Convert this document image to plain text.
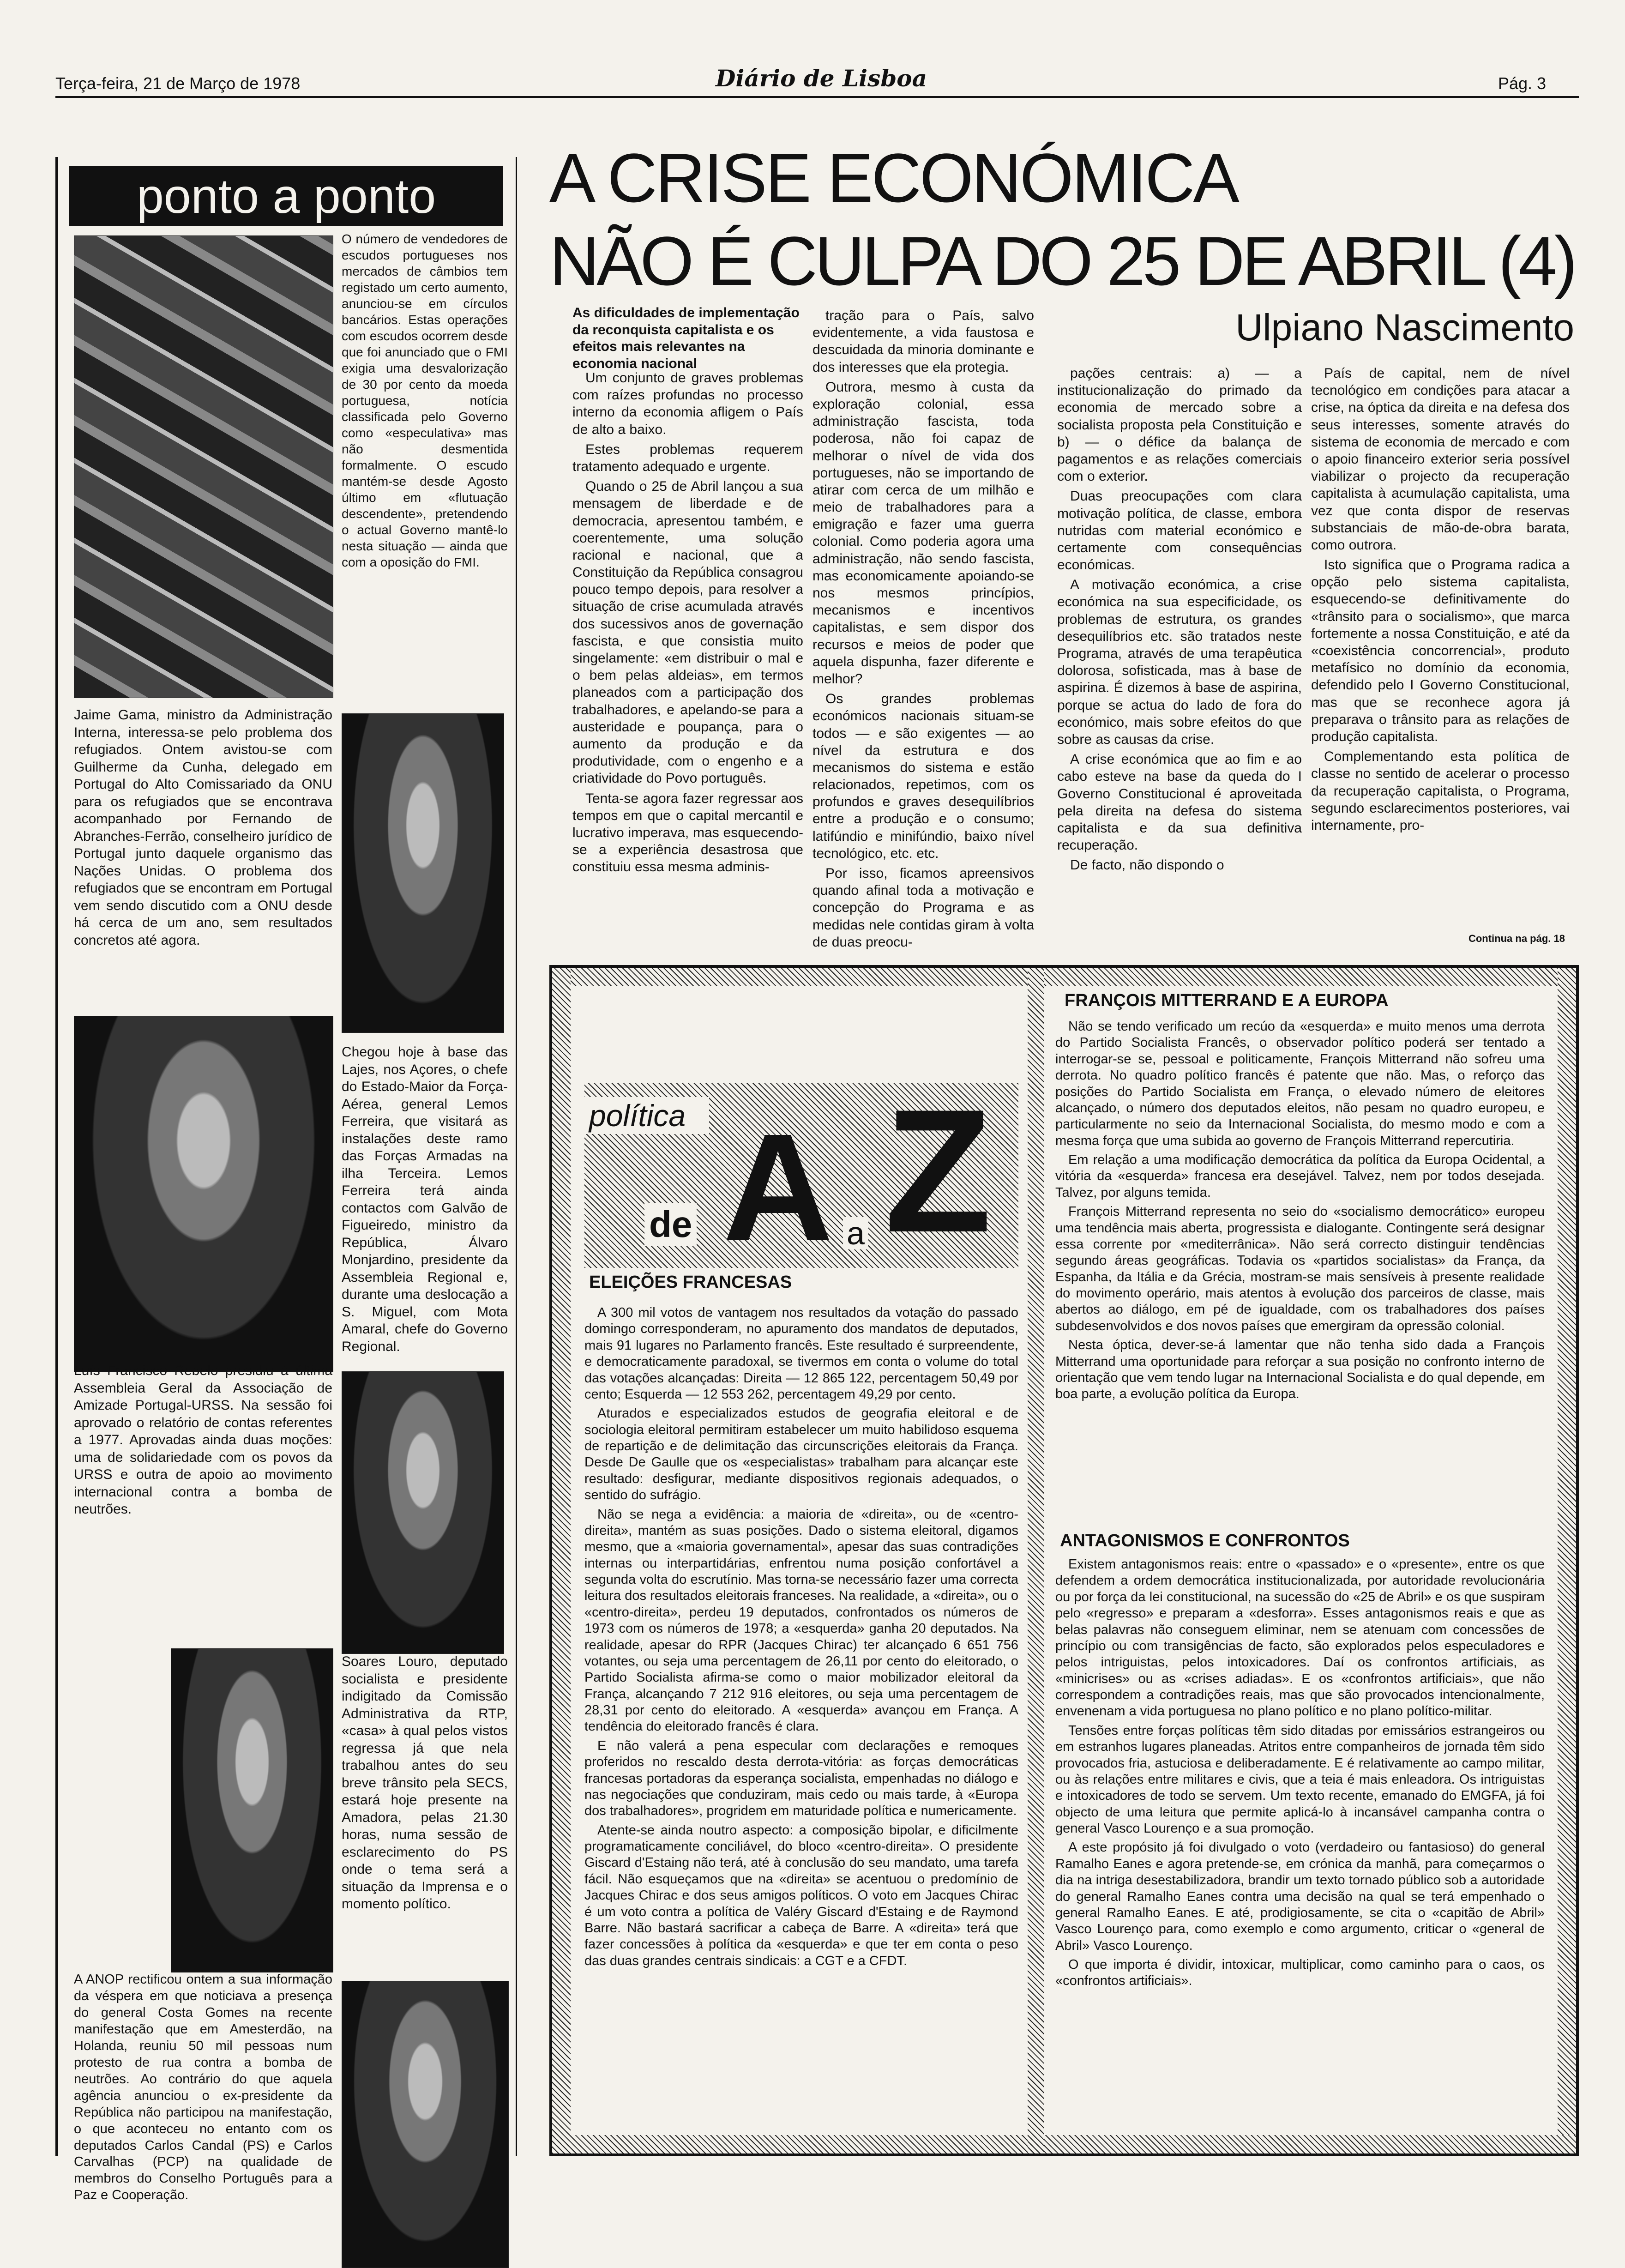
Terça-feira, 21 de Março de 1978	Diário de Lisboa	Pág. 3
ponto a ponto

O número de vendedores de escudos portugueses nos mercados de câmbios tem registado um certo aumento, anunciou-se em círculos bancários. Estas operações com escudos ocorrem desde que foi anunciado que o FMI exigia uma desvalorização de 30 por cento da moeda portuguesa, notícia classificada pelo Governo como «especulativa» mas não desmentida formalmente. O escudo mantém-se desde Agosto último em «flutuação descendente», pretendendo o actual Governo mantê-lo nesta situação — ainda que com a oposição do FMI.

Jaime Gama, ministro da Administração Interna, interessa-se pelo problema dos refugiados. Ontem avistou-se com Guilherme da Cunha, delegado em Portugal do Alto Comissariado da ONU para os refugiados que se encontrava acompanhado por Fernando de Abranches-Ferrão, conselheiro jurídico de Portugal junto daquele organismo das Nações Unidas. O problema dos refugiados que se encontram em Portugal vem sendo discutido com a ONU desde há cerca de um ano, sem resultados concretos até agora.

Chegou hoje à base das Lajes, nos Açores, o chefe do Estado-Maior da Força-Aérea, general Lemos Ferreira, que visitará as instalações deste ramo das Forças Armadas na ilha Terceira. Lemos Ferreira terá ainda contactos com Galvão de Figueiredo, ministro da República, Álvaro Monjardino, presidente da Assembleia Regional e, durante uma deslocação a S. Miguel, com Mota Amaral, chefe do Governo Regional.

Luís Francisco Rebelo presidiu à última Assembleia Geral da Associação de Amizade Portugal-URSS. Na sessão foi aprovado o relatório de contas referentes a 1977. Aprovadas ainda duas moções: uma de solidariedade com os povos da URSS e outra de apoio ao movimento internacional contra a bomba de neutrões.

Soares Louro, deputado socialista e presidente indigitado da Comissão Administrativa da RTP, «casa» à qual pelos vistos regressa já que nela trabalhou antes do seu breve trânsito pela SECS, estará hoje presente na Amadora, pelas 21.30 horas, numa sessão de esclarecimento do PS onde o tema será a situação da Imprensa e o momento político.

A ANOP rectificou ontem a sua informação da véspera em que noticiava a presença do general Costa Gomes na recente manifestação que em Amesterdão, na Holanda, reuniu 50 mil pessoas num protesto de rua contra a bomba de neutrões. Ao contrário do que aquela agência anunciou o ex-presidente da República não participou na manifestação, o que aconteceu no entanto com os deputados Carlos Candal (PS) e Carlos Carvalhas (PCP) na qualidade de membros do Conselho Português para a Paz e Cooperação.

A CRISE ECONÓMICA
NÃO É CULPA DO 25 DE ABRIL (4)
Ulpiano Nascimento

As dificuldades de implementação da reconquista capitalista e os efeitos mais relevantes na economia nacional

Um conjunto de graves problemas com raízes profundas no processo interno da economia afligem o País de alto a baixo.

Estes problemas requerem tratamento adequado e urgente.

Quando o 25 de Abril lançou a sua mensagem de liberdade e de democracia, apresentou também, e coerentemente, uma solução racional e nacional, que a Constituição da República consagrou pouco tempo depois, para resolver a situação de crise acumulada através dos sucessivos anos de governação fascista, e que consistia muito singelamente: «em distribuir o mal e o bem pelas aldeias», em termos planeados com a participação dos trabalhadores, e apelando-se para a austeridade e poupança, para o aumento da produção e da produtividade, com o engenho e a criatividade do Povo português.

Tenta-se agora fazer regressar aos tempos em que o capital mercantil e lucrativo imperava, mas esquecendo-se a experiência desastrosa que constituiu essa mesma adminis-

tração para o País, salvo evidentemente, a vida faustosa e descuidada da minoria dominante e dos interesses que ela protegia.

Outrora, mesmo à custa da exploração colonial, essa administração fascista, toda poderosa, não foi capaz de melhorar o nível de vida dos portugueses, não se importando de atirar com cerca de um milhão e meio de trabalhadores para a emigração e fazer uma guerra colonial. Como poderia agora uma administração, não sendo fascista, mas economicamente apoiando-se nos mesmos princípios, mecanismos e incentivos capitalistas, e sem dispor dos recursos e meios de poder que aquela dispunha, fazer diferente e melhor?

Os grandes problemas económicos nacionais situam-se todos — e são exigentes — ao nível da estrutura e dos mecanismos do sistema e estão relacionados, repetimos, com os profundos e graves desequilíbrios entre a produção e o consumo; latifúndio e minifúndio, baixo nível tecnológico, etc. etc.

Por isso, ficamos apreensivos quando afinal toda a motivação e concepção do Programa e as medidas nele contidas giram à volta de duas preocu-

pações centrais: a) — a institucionalização do primado da economia de mercado sobre a socialista proposta pela Constituição e b) — o défice da balança de pagamentos e as relações comerciais com o exterior.

Duas preocupações com clara motivação política, de classe, embora nutridas com material económico e certamente com consequências económicas.

A motivação económica, a crise económica na sua especificidade, os problemas de estrutura, os grandes desequilíbrios etc. são tratados neste Programa, através de uma terapêutica dolorosa, sofisticada, mas à base de aspirina. É dizemos à base de aspirina, porque se actua do lado de fora do económico, mais sobre efeitos do que sobre as causas da crise.

A crise económica que ao fim e ao cabo esteve na base da queda do I Governo Constitucional é aproveitada pela direita na defesa do sistema capitalista e da sua definitiva recuperação.

De facto, não dispondo o

País de capital, nem de nível tecnológico em condições para atacar a crise, na óptica da direita e na defesa dos seus interesses, somente através do sistema de economia de mercado e com o apoio financeiro exterior seria possível viabilizar o projecto da recuperação capitalista à acumulação capitalista, uma vez que conta dispor de reservas substanciais de mão-de-obra barata, como outrora.

Isto significa que o Programa radica a opção pelo sistema capitalista, esquecendo-se definitivamente do «trânsito para o socialismo», que marca fortemente a nossa Constituição, e até da «coexistência concorrencial», produto metafísico no domínio da economia, defendido pelo I Governo Constitucional, mas que se reconhece agora já preparava o trânsito para as relações de produção capitalista.

Complementando esta política de classe no sentido de acelerar o processo da recuperação capitalista, o Programa, segundo esclarecimentos posteriores, vai internamente, pro-

Continua na pág. 18
política
de A a Z
ELEIÇÕES FRANCESAS

A 300 mil votos de vantagem nos resultados da votação do passado domingo corresponderam, no apuramento dos mandatos de deputados, mais 91 lugares no Parlamento francês. Este resultado é surpreendente, e democraticamente paradoxal, se tivermos em conta o volume do total das votações alcançadas: Direita — 12 865 122, percentagem 50,49 por cento; Esquerda — 12 553 262, percentagem 49,29 por cento.

Aturados e especializados estudos de geografia eleitoral e de sociologia eleitoral permitiram estabelecer um muito habilidoso esquema de repartição e de delimitação das circunscrições eleitorais da França. Desde De Gaulle que os «especialistas» trabalham para alcançar este resultado: desfigurar, mediante dispositivos regionais adequados, o sentido do sufrágio.

Não se nega a evidência: a maioria de «direita», ou de «centro-direita», mantém as suas posições. Dado o sistema eleitoral, digamos mesmo, que a «maioria governamental», apesar das suas contradições internas ou interpartidárias, enfrentou numa posição confortável a segunda volta do escrutínio. Mas torna-se necessário fazer uma correcta leitura dos resultados eleitorais franceses. Na realidade, a «direita», ou o «centro-direita», perdeu 19 deputados, confrontados os números de 1973 com os números de 1978; a «esquerda» ganha 20 deputados. Na realidade, apesar do RPR (Jacques Chirac) ter alcançado 6 651 756 votantes, ou seja uma percentagem de 26,11 por cento do eleitorado, o Partido Socialista afirma-se como o maior mobilizador eleitoral da França, alcançando 7 212 916 eleitores, ou seja uma percentagem de 28,31 por cento do eleitorado. A «esquerda» avançou em França. A tendência do eleitorado francês é clara.

E não valerá a pena especular com declarações e remoques proferidos no rescaldo desta derrota-vitória: as forças democráticas francesas portadoras da esperança socialista, empenhadas no diálogo e nas negociações que conduziram, mais cedo ou mais tarde, à «Europa dos trabalhadores», progridem em maturidade política e numericamente.

Atente-se ainda noutro aspecto: a composição bipolar, e dificilmente programaticamente conciliável, do bloco «centro-direita». O presidente Giscard d'Estaing não terá, até à conclusão do seu mandato, uma tarefa fácil. Não esqueçamos que na «direita» se acentuou o predomínio de Jacques Chirac e dos seus amigos políticos. O voto em Jacques Chirac é um voto contra a política de Valéry Giscard d'Estaing e de Raymond Barre. Não bastará sacrificar a cabeça de Barre. A «direita» terá que fazer concessões à política da «esquerda» e que ter em conta o peso das duas grandes centrais sindicais: a CGT e a CFDT.

FRANÇOIS MITTERRAND E A EUROPA

Não se tendo verificado um recúo da «esquerda» e muito menos uma derrota do Partido Socialista Francês, o observador político poderá ser tentado a interrogar-se se, pessoal e politicamente, François Mitterrand não sofreu uma derrota. No quadro político francês é patente que não. Mas, o reforço das posições do Partido Socialista em França, o elevado número de eleitores alcançado, o número dos deputados eleitos, não pesam no quadro europeu, e particularmente no seio da Internacional Socialista, do mesmo modo e com a mesma força que uma subida ao governo de François Mitterrand repercutiria.

Em relação a uma modificação democrática da política da Europa Ocidental, a vitória da «esquerda» francesa era desejável. Talvez, nem por todos desejada. Talvez, por alguns temida.

François Mitterrand representa no seio do «socialismo democrático» europeu uma tendência mais aberta, progressista e dialogante. Contingente será designar essa corrente por «mediterrânica». Não será correcto distinguir tendências segundo áreas geográficas. Todavia os «partidos socialistas» da França, da Espanha, da Itália e da Grécia, mostram-se mais sensíveis à presente realidade do movimento operário, mais atentos à evolução dos parceiros de classe, mais abertos ao diálogo, em pé de igualdade, com os trabalhadores dos países subdesenvolvidos e dos novos países que emergiram da opressão colonial.

Nesta óptica, dever-se-á lamentar que não tenha sido dada a François Mitterrand uma oportunidade para reforçar a sua posição no confronto interno de orientação que vem tendo lugar na Internacional Socialista e do qual depende, em boa parte, a evolução política da Europa.

ANTAGONISMOS E CONFRONTOS

Existem antagonismos reais: entre o «passado» e o «presente», entre os que defendem a ordem democrática institucionalizada, por autoridade revolucionária ou por força da lei constitucional, na sucessão do «25 de Abril» e os que suspiram pelo «regresso» e preparam a «desforra». Esses antagonismos reais e que as belas palavras não conseguem eliminar, nem se atenuam com concessões de princípio ou com transigências de facto, são explorados pelos especuladores e pelos intriguistas, pelos intoxicadores. Daí os confrontos artificiais, as «minicrises» ou as «crises adiadas». E os «confrontos artificiais», que não correspondem a contradições reais, mas que são provocados intencionalmente, envenenam a vida portuguesa no plano político e no plano político-militar.

Tensões entre forças políticas têm sido ditadas por emissários estrangeiros ou em estranhos lugares planeadas. Atritos entre companheiros de jornada têm sido provocados fria, astuciosa e deliberadamente. E é relativamente ao campo militar, ou às relações entre militares e civis, que a teia é mais enleadora. Os intriguistas e intoxicadores de todo se servem. Um texto recente, emanado do EMGFA, já foi objecto de uma leitura que permite aplicá-lo à incansável campanha contra o general Vasco Lourenço e a sua promoção.

A este propósito já foi divulgado o voto (verdadeiro ou fantasioso) do general Ramalho Eanes e agora pretende-se, em crónica da manhã, para começarmos o dia na intriga desestabilizadora, brandir um texto tornado público sob a autoridade do general Ramalho Eanes contra uma decisão na qual se terá empenhado o general Ramalho Eanes. E até, prodigiosamente, se cita o «capitão de Abril» Vasco Lourenço para, como exemplo e como argumento, criticar o «general de Abril» Vasco Lourenço.

O que importa é dividir, intoxicar, multiplicar, como caminho para o caos, os «confrontos artificiais».
